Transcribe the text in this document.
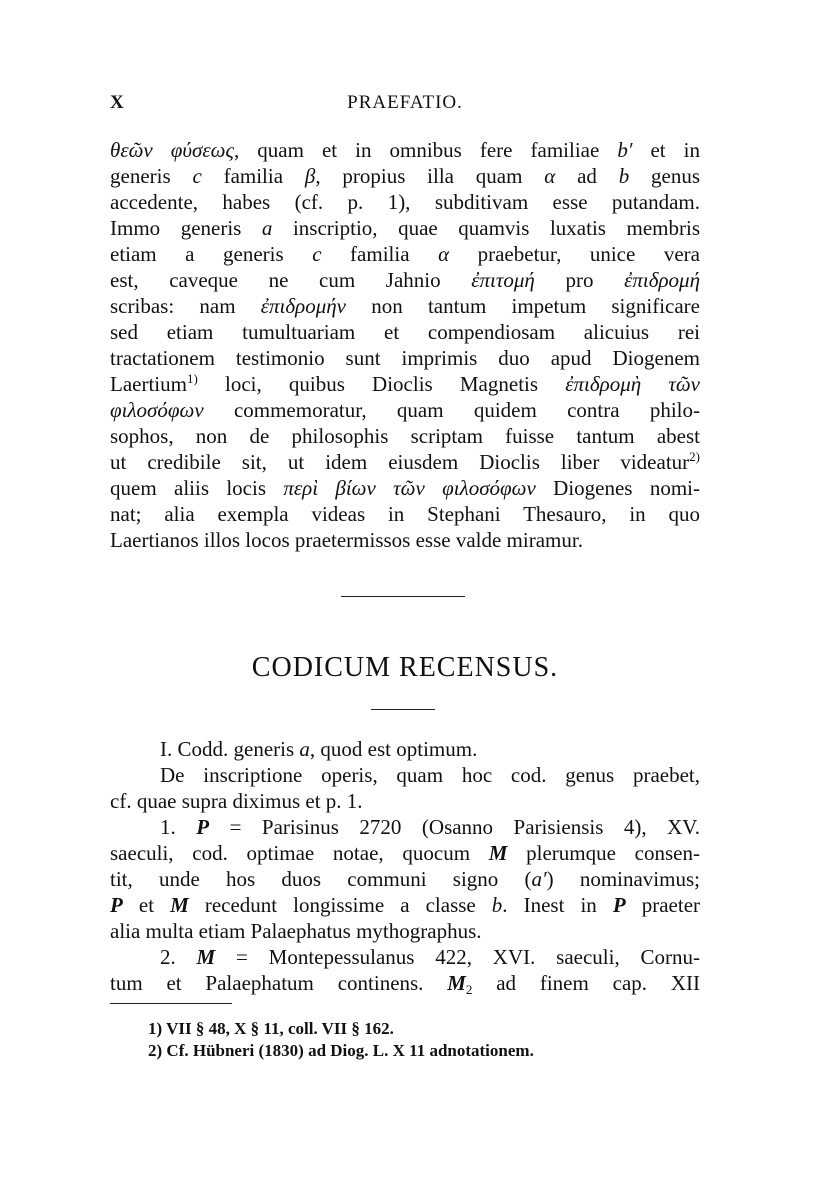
X	PRAEFATIO.
θεῶν φύσεως, quam et in omnibus fere familiae b′ et in
generis c familia β, propius illa quam α ad b genus
accedente, habes (cf. p. 1), subditivam esse putandam.
Immo generis a inscriptio, quae quamvis luxatis membris
etiam a generis c familia α praebetur, unice vera
est, caveque ne cum Jahnio ἐπιτομή pro ἐπιδρομή
scribas: nam ἐπιδρομήν non tantum impetum significare
sed etiam tumultuariam et compendiosam alicuius rei
tractationem testimonio sunt imprimis duo apud Diogenem
Laertium$^{1)}$ loci, quibus Dioclis Magnetis ἐπιδρομὴ τῶν
φιλοσόφων commemoratur, quam quidem contra philo-
sophos, non de philosophis scriptam fuisse tantum abest
ut credibile sit, ut idem eiusdem Dioclis liber videatur$^{2)}$
quem aliis locis περὶ βίων τῶν φιλοσόφων Diogenes nomi-
nat; alia exempla videas in Stephani Thesauro, in quo
Laertianos illos locos praetermissos esse valde miramur.
CODICUM RECENSUS.
I. Codd. generis a, quod est optimum.
De inscriptione operis, quam hoc cod. genus praebet,
cf. quae supra diximus et p. 1.
1. P = Parisinus 2720 (Osanno Parisiensis 4), XV.
saeculi, cod. optimae notae, quocum M plerumque consen-
tit, unde hos duos communi signo (a′) nominavimus;
P et M recedunt longissime a classe b. Inest in P praeter
alia multa etiam Palaephatus mythographus.
2. M = Montepessulanus 422, XVI. saeculi, Cornu-
tum et Palaephatum continens. $M_2$ ad finem cap. XII
1) VII § 48, X § 11, coll. VII § 162.
2) Cf. Hübneri (1830) ad Diog. L. X 11 adnotationem.
